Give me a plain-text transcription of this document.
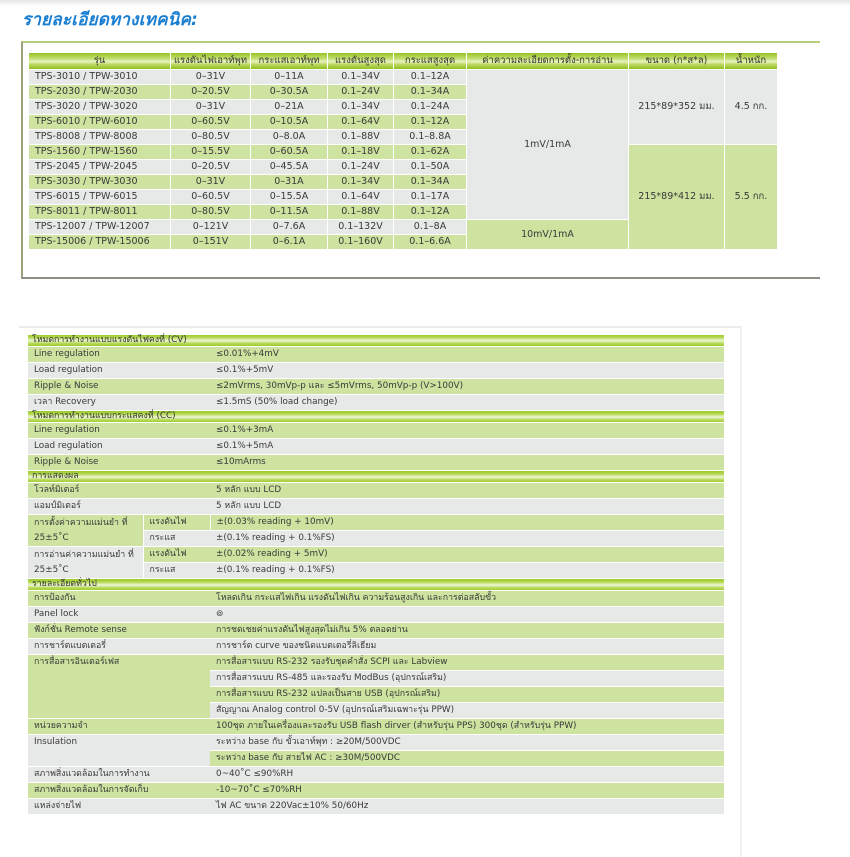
รายละเอียดทางเทคนิค:
รุ่น	แรงดันไฟเอาท์พุท	กระแสเอาท์พุท	แรงดันสูงสุด	กระแสสูงสุด	ค่าความละเอียดการตั้ง-การอ่าน	ขนาด (ก*ส*ล)	น้ำหนัก
TPS-3010 / TPW-3010	0–31V	0–11A	0.1–34V	0.1–12A	1mV/1mA	215*89*352 มม.	4.5 กก.
TPS-2030 / TPW-2030	0–20.5V	0–30.5A	0.1–24V	0.1–34A			
TPS-3020 / TPW-3020	0–31V	0–21A	0.1–34V	0.1–24A			
TPS-6010 / TPW-6010	0–60.5V	0–10.5A	0.1–64V	0.1–12A			
TPS-8008 / TPW-8008	0–80.5V	0–8.0A	0.1–88V	0.1–8.8A			
TPS-1560 / TPW-1560	0–15.5V	0–60.5A	0.1–18V	0.1–62A		215*89*412 มม.	5.5 กก.
TPS-2045 / TPW-2045	0–20.5V	0–45.5A	0.1–24V	0.1–50A			
TPS-3030 / TPW-3030	0–31V	0–31A	0.1–34V	0.1–34A			
TPS-6015 / TPW-6015	0–60.5V	0–15.5A	0.1–64V	0.1–17A			
TPS-8011 / TPW-8011	0–80.5V	0–11.5A	0.1–88V	0.1–12A			
TPS-12007 / TPW-12007	0–121V	0–7.6A	0.1–132V	0.1–8A	10mV/1mA		
TPS-15006 / TPW-15006	0–151V	0–6.1A	0.1–160V	0.1–6.6A			
โหมดการทำงานแบบแรงดันไฟคงที่ (CV)		
Line regulation		≤0.01%+4mV
Load regulation		≤0.1%+5mV
Ripple & Noise		≤2mVrms, 30mVp-p และ ≤5mVrms, 50mVp-p (V>100V)
เวลา Recovery		≤1.5mS (50% load change)
โหมดการทำงานแบบกระแสคงที่ (CC)		
Line regulation		≤0.1%+3mA
Load regulation		≤0.1%+5mA
Ripple & Noise		≤10mArms
การแสดงผล		
โวลท์มิเตอร์		5 หลัก แบบ LCD
แอมป์มิเตอร์		5 หลัก แบบ LCD
การตั้งค่าความแม่นยำ ที่ 25±5˚C	แรงดันไฟ	±(0.03% reading + 10mV)
	กระแส	±(0.1% reading + 0.1%FS)
การอ่านค่าความแม่นยำ ที่ 25±5˚C	แรงดันไฟ	±(0.02% reading + 5mV)
	กระแส	±(0.1% reading + 0.1%FS)
รายละเอียดทั่วไป		
การป้องกัน		โหลดเกิน กระแสไฟเกิน แรงดันไฟเกิน ความร้อนสูงเกิน และการต่อสลับขั้ว
Panel lock		⊚
ฟังก์ชั่น Remote sense		การชดเชยค่าแรงดันไฟสูงสุดไม่เกิน 5% ตลอดย่าน
การชาร์ตแบตเตอรี่		การชาร์ต curve ของชนิดแบตเตอรี่ลิเธียม
การสื่อสารอินเตอร์เฟส		การสื่อสารแบบ RS-232 รองรับชุดคำสั่ง SCPI และ Labview
		การสื่อสารแบบ RS-485 และรองรับ ModBus (อุปกรณ์เสริม)
		การสื่อสารแบบ RS-232 แปลงเป็นสาย USB (อุปกรณ์เสริม)
		สัญญาณ Analog control 0-5V (อุปกรณ์เสริมเฉพาะรุ่น PPW)
หน่วยความจำ		100ชุด ภายในเครื่องและรองรับ USB flash dirver (สำหรับรุ่น PPS) 300ชุด (สำหรับรุ่น PPW)
Insulation		ระหว่าง base กับ ขั้วเอาท์พุท : ≥20M/500VDC
		ระหว่าง base กับ สายไฟ AC : ≥30M/500VDC
สภาพสิ่งแวดล้อมในการทำงาน		0~40˚C ≤90%RH
สภาพสิ่งแวดล้อมในการจัดเก็บ		-10~70˚C ≤70%RH
แหล่งจ่ายไฟ		ไฟ AC ขนาด 220Vac±10% 50/60Hz
